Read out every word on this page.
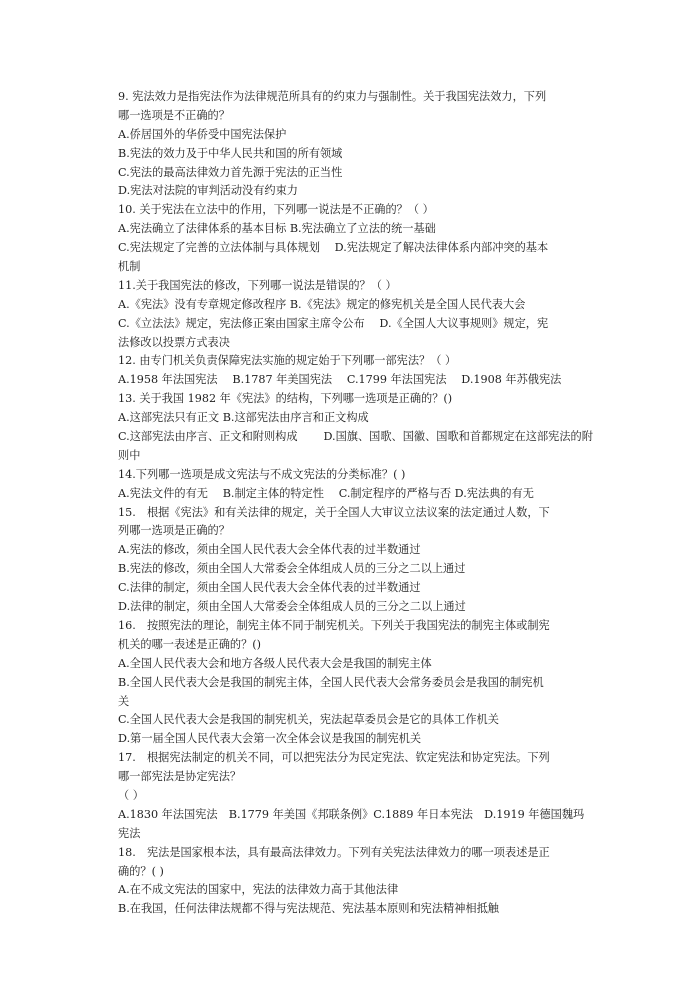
9. 宪法效力是指宪法作为法律规范所具有的约束力与强制性。关于我国宪法效力，下列
哪一选项是不正确的？
A.侨居国外的华侨受中国宪法保护
B.宪法的效力及于中华人民共和国的所有领域
C.宪法的最高法律效力首先源于宪法的正当性
D.宪法对法院的审判活动没有约束力
10. 关于宪法在立法中的作用，下列哪一说法是不正确的？（ ）
A.宪法确立了法律体系的基本目标 B.宪法确立了立法的统一基础
C.宪法规定了完善的立法体制与具体规划　 D.宪法规定了解决法律体系内部冲突的基本
机制
11.关于我国宪法的修改，下列哪一说法是错误的？（ ）
A.《宪法》没有专章规定修改程序 B.《宪法》规定的修宪机关是全国人民代表大会
C.《立法法》规定，宪法修正案由国家主席令公布　 D.《全国人大议事规则》规定，宪
法修改以投票方式表决
12. 由专门机关负责保障宪法实施的规定始于下列哪一部宪法？（ ）
A.1958 年法国宪法　 B.1787 年美国宪法　 C.1799 年法国宪法　 D.1908 年苏俄宪法
13. 关于我国 1982 年《宪法》的结构，下列哪一选项是正确的？()
A.这部宪法只有正文 B.这部宪法由序言和正文构成
C.这部宪法由序言、正文和附则构成　　 D.国旗、国歌、国徽、国歌和首都规定在这部宪法的附
则中
14.下列哪一选项是成文宪法与不成文宪法的分类标准？( )
A.宪法文件的有无　 B.制定主体的特定性　 C.制定程序的严格与否 D.宪法典的有无
15.　根据《宪法》和有关法律的规定，关于全国人大审议立法议案的法定通过人数，下
列哪一选项是正确的？
A.宪法的修改，须由全国人民代表大会全体代表的过半数通过
B.宪法的修改，须由全国人大常委会全体组成人员的三分之二以上通过
C.法律的制定，须由全国人民代表大会全体代表的过半数通过
D.法律的制定，须由全国人大常委会全体组成人员的三分之二以上通过
16.　按照宪法的理论，制宪主体不同于制宪机关。下列关于我国宪法的制宪主体或制宪
机关的哪一表述是正确的？()
A.全国人民代表大会和地方各级人民代表大会是我国的制宪主体
B.全国人民代表大会是我国的制宪主体，全国人民代表大会常务委员会是我国的制宪机
关
C.全国人民代表大会是我国的制宪机关，宪法起草委员会是它的具体工作机关
D.第一届全国人民代表大会第一次全体会议是我国的制宪机关
17.　根据宪法制定的机关不同，可以把宪法分为民定宪法、钦定宪法和协定宪法。下列
哪一部宪法是协定宪法？
（ ）
A.1830 年法国宪法　B.1779 年美国《邦联条例》C.1889 年日本宪法　D.1919 年德国魏玛
宪法
18.　宪法是国家根本法，具有最高法律效力。下列有关宪法法律效力的哪一项表述是正
确的？( )
A.在不成文宪法的国家中，宪法的法律效力高于其他法律
B.在我国，任何法律法规都不得与宪法规范、宪法基本原则和宪法精神相抵触
